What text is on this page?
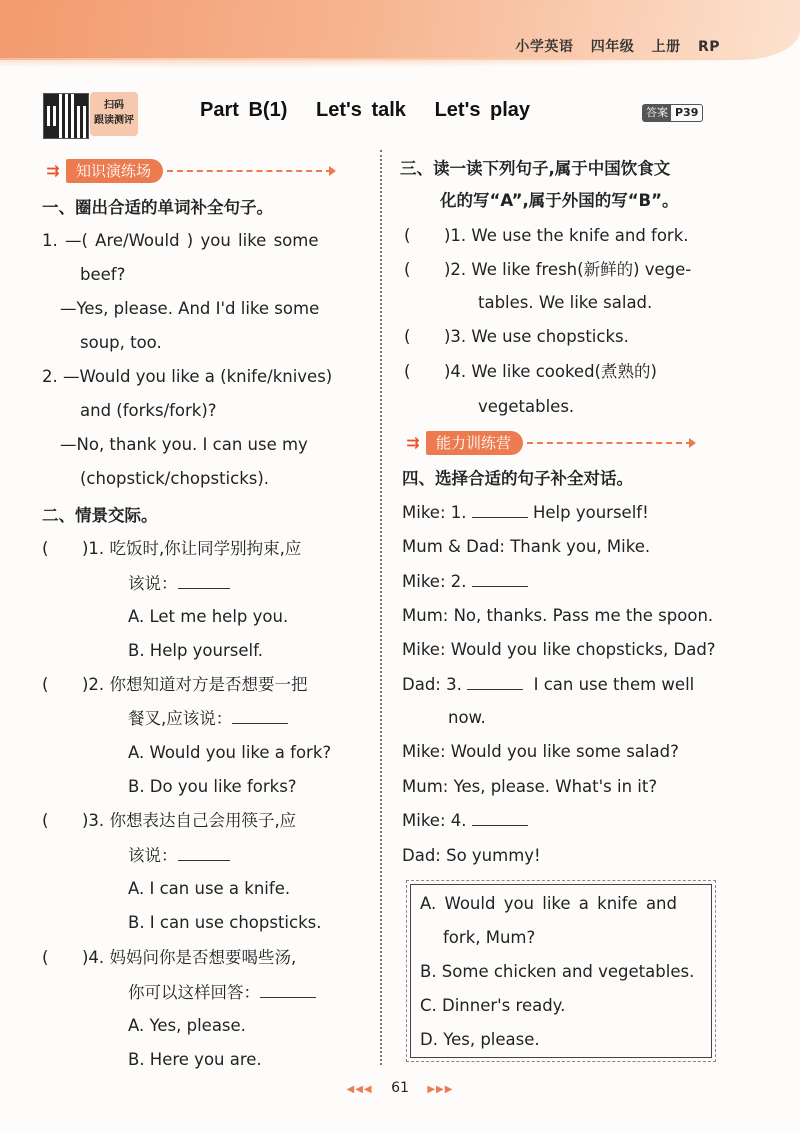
小学英语 四年级 上册 RP
扫码
跟读测评	Part B(1)   Let's talk   Let's play	答案 P39
⇉	知识演练场
一、圈出合适的单词补全句子。
1. —( Are/Would ) you like some
beef?
—Yes, please. And I'd like some
soup, too.
2. —Would you like a (knife/knives)
and (forks/fork)?
—No, thank you. I can use my
(chopstick/chopsticks).
二、情景交际。
( )1. 吃饭时,你让同学别拘束,应
该说：
A. Let me help you.
B. Help yourself.
( )2. 你想知道对方是否想要一把
餐叉,应该说：
A. Would you like a fork?
B. Do you like forks?
( )3. 你想表达自己会用筷子,应
该说：
A. I can use a knife.
B. I can use chopsticks.
( )4. 妈妈问你是否想要喝些汤,
你可以这样回答：
A. Yes, please.
B. Here you are.
三、读一读下列句子,属于中国饮食文
化的写“A”,属于外国的写“B”。
( )1. We use the knife and fork.
( )2. We like fresh(新鲜的) vege-
tables. We like salad.
( )3. We use chopsticks.
( )4. We like cooked(煮熟的)
vegetables.
⇉	能力训练营
四、选择合适的句子补全对话。
Mike: 1.	Help yourself!
Mum & Dad: Thank you, Mike.
Mike: 2.
Mum: No, thanks. Pass me the spoon.
Mike: Would you like chopsticks, Dad?
Dad: 3.	I can use them well
now.
Mike: Would you like some salad?
Mum: Yes, please. What's in it?
Mike: 4.
Dad: So yummy!
A. Would you like a knife and
fork, Mum?
B. Some chicken and vegetables.
C. Dinner's ready.
D. Yes, please.
◀◀◀ 61 ▶▶▶
